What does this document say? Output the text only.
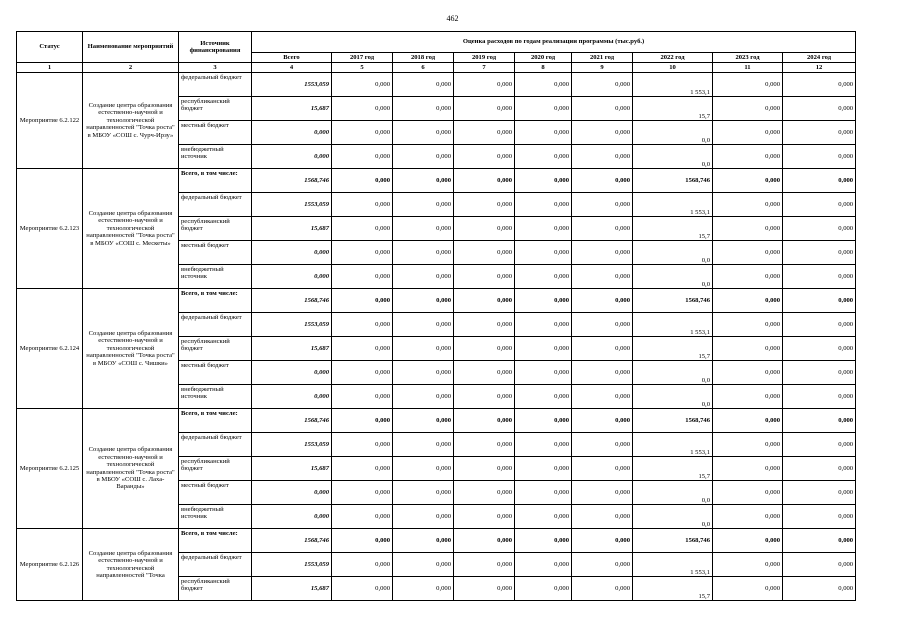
462
Статус	Наименование мероприятий	Источник финансирования	Оценка расходов по годам реализации программы (тыс.руб.)								
			Всего	2017 год	2018 год	2019 год	2020 год	2021 год	2022 год	2023 год	2024 год
1	2	3	4	5	6	7	8	9	10	11	12
Мероприятие 6.2.122	Создание центра образования естественно-научной и технологической направленностей "Точка роста" в МБОУ «СОШ с. Чурч-Ирзу»	федеральный бюджет	1553,059	0,000	0,000	0,000	0,000	0,000	1 553,1	0,000	0,000
		республиканский бюджет	15,687	0,000	0,000	0,000	0,000	0,000	15,7	0,000	0,000
		местный бюджет	0,000	0,000	0,000	0,000	0,000	0,000	0,0	0,000	0,000
		внебюджетный источник	0,000	0,000	0,000	0,000	0,000	0,000	0,0	0,000	0,000
Мероприятие 6.2.123	Создание центра образования естественно-научной и технологической направленностей "Точка роста" в МБОУ «СОШ с. Мескеты»	Всего, в том числе:	1568,746	0,000	0,000	0,000	0,000	0,000	1568,746	0,000	0,000
		федеральный бюджет	1553,059	0,000	0,000	0,000	0,000	0,000	1 553,1	0,000	0,000
		республиканский бюджет	15,687	0,000	0,000	0,000	0,000	0,000	15,7	0,000	0,000
		местный бюджет	0,000	0,000	0,000	0,000	0,000	0,000	0,0	0,000	0,000
		внебюджетный источник	0,000	0,000	0,000	0,000	0,000	0,000	0,0	0,000	0,000
Мероприятие 6.2.124	Создание центра образования естественно-научной и технологической направленностей "Точка роста" в МБОУ «СОШ с. Чишки»	Всего, в том числе:	1568,746	0,000	0,000	0,000	0,000	0,000	1568,746	0,000	0,000
		федеральный бюджет	1553,059	0,000	0,000	0,000	0,000	0,000	1 553,1	0,000	0,000
		республиканский бюджет	15,687	0,000	0,000	0,000	0,000	0,000	15,7	0,000	0,000
		местный бюджет	0,000	0,000	0,000	0,000	0,000	0,000	0,0	0,000	0,000
		внебюджетный источник	0,000	0,000	0,000	0,000	0,000	0,000	0,0	0,000	0,000
Мероприятие 6.2.125	Создание центра образования естественно-научной и технологической направленностей "Точка роста" в МБОУ «СОШ с. Лаха-Варанды»	Всего, в том числе:	1568,746	0,000	0,000	0,000	0,000	0,000	1568,746	0,000	0,000
		федеральный бюджет	1553,059	0,000	0,000	0,000	0,000	0,000	1 553,1	0,000	0,000
		республиканский бюджет	15,687	0,000	0,000	0,000	0,000	0,000	15,7	0,000	0,000
		местный бюджет	0,000	0,000	0,000	0,000	0,000	0,000	0,0	0,000	0,000
		внебюджетный источник	0,000	0,000	0,000	0,000	0,000	0,000	0,0	0,000	0,000
Мероприятие 6.2.126	Создание центра образования естественно-научной и технологической направленностей "Точка	Всего, в том числе:	1568,746	0,000	0,000	0,000	0,000	0,000	1568,746	0,000	0,000
		федеральный бюджет	1553,059	0,000	0,000	0,000	0,000	0,000	1 553,1	0,000	0,000
		республиканский бюджет	15,687	0,000	0,000	0,000	0,000	0,000	15,7	0,000	0,000
